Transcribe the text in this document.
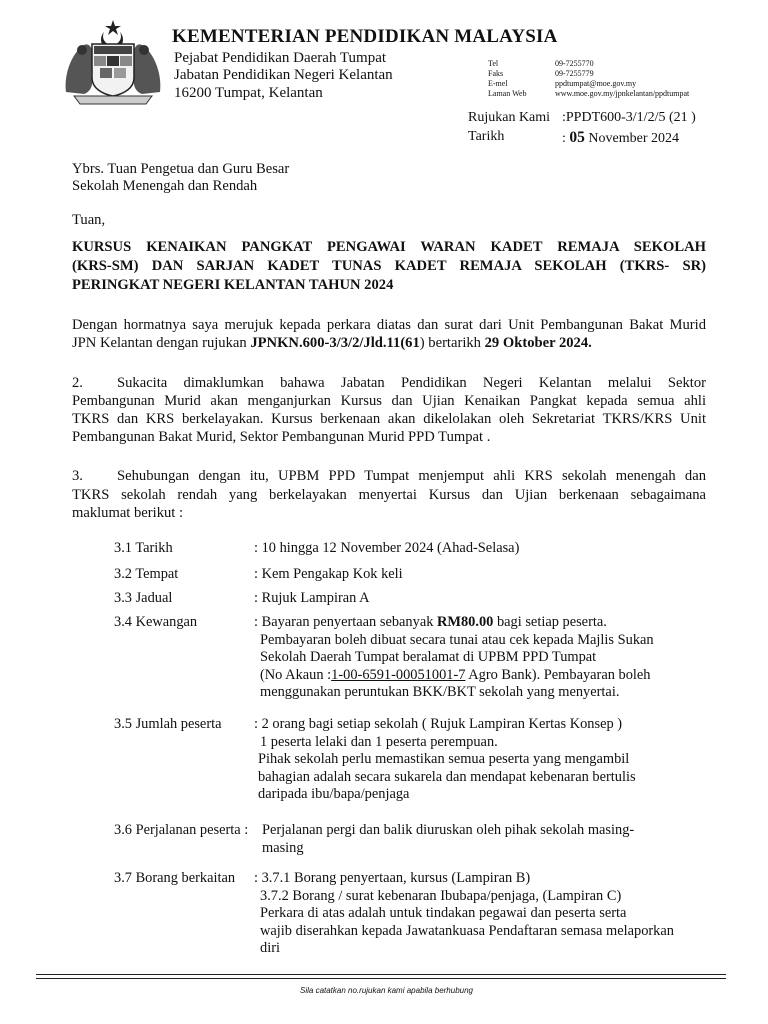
KEMENTERIAN PENDIDIKAN MALAYSIA
Pejabat Pendidikan Daerah Tumpat
Jabatan Pendidikan Negeri Kelantan
16200 Tumpat, Kelantan
Tel	09-7255770
Faks	09-7255779
E-mel	ppdtumpat@moe.gov.my
Laman Web	www.moe.gov.my/jpnkelantan/ppdtumpat
Rujukan Kami :PPDT600-3/1/2/5 (21 )
Tarikh	: 05 November 2024
Ybrs. Tuan Pengetua dan Guru Besar
Sekolah Menengah dan Rendah
Tuan,
KURSUS KENAIKAN PANGKAT PENGAWAI WARAN KADET REMAJA SEKOLAH
(KRS-SM) DAN SARJAN KADET TUNAS KADET REMAJA SEKOLAH (TKRS- SR)
PERINGKAT NEGERI KELANTAN TAHUN 2024
Dengan hormatnya saya merujuk kepada perkara diatas dan surat dari Unit Pembangunan Bakat Murid
JPN Kelantan dengan rujukan JPNKN.600-3/3/2/Jld.11(61) bertarikh 29 Oktober 2024.
2. Sukacita dimaklumkan bahawa Jabatan Pendidikan Negeri Kelantan melalui Sektor
Pembangunan Murid akan menganjurkan Kursus dan Ujian Kenaikan Pangkat kepada semua ahli
TKRS dan KRS berkelayakan. Kursus berkenaan akan dikelolakan oleh Sekretariat TKRS/KRS Unit
Pembangunan Bakat Murid, Sektor Pembangunan Murid PPD Tumpat .
3. Sehubungan dengan itu, UPBM PPD Tumpat menjemput ahli KRS sekolah menengah dan
TKRS sekolah rendah yang berkelayakan menyertai Kursus dan Ujian berkenaan sebagaimana
maklumat berikut :
3.1 Tarikh	: 10 hingga 12 November 2024 (Ahad-Selasa)
3.2 Tempat	: Kem Pengakap Kok keli
3.3 Jadual	: Rujuk Lampiran A
3.4 Kewangan	: Bayaran penyertaan sebanyak RM80.00 bagi setiap peserta.
Pembayaran boleh dibuat secara tunai atau cek kepada Majlis Sukan
Sekolah Daerah Tumpat beralamat di UPBM PPD Tumpat
(No Akaun :1-00-6591-00051001-7 Agro Bank). Pembayaran boleh
menggunakan peruntukan BKK/BKT sekolah yang menyertai.
3.5 Jumlah peserta : 2 orang bagi setiap sekolah ( Rujuk Lampiran Kertas Konsep )
1 peserta lelaki dan 1 peserta perempuan.
Pihak sekolah perlu memastikan semua peserta yang mengambil
bahagian adalah secara sukarela dan mendapat kebenaran bertulis
daripada ibu/bapa/penjaga
3.6 Perjalanan peserta : Perjalanan pergi dan balik diuruskan oleh pihak sekolah masing-
masing
3.7 Borang berkaitan : 3.7.1 Borang penyertaan, kursus (Lampiran B)
3.7.2 Borang / surat kebenaran Ibubapa/penjaga, (Lampiran C)
Perkara di atas adalah untuk tindakan pegawai dan peserta serta
wajib diserahkan kepada Jawatankuasa Pendaftaran semasa melaporkan
diri
Sila catatkan no.rujukan kami apabila berhubung
